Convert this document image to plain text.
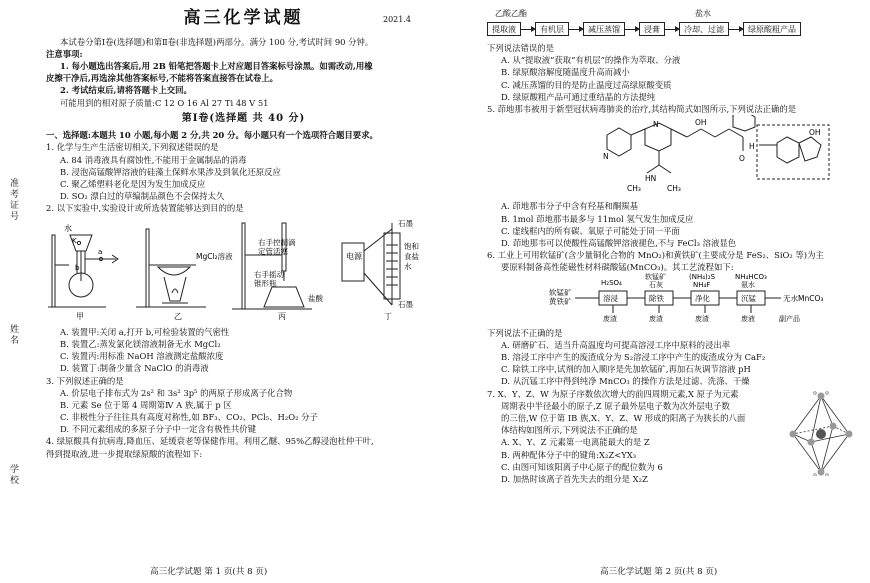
准考证号
姓名
学校
高三化学试题	2021.4

本试卷分第Ⅰ卷(选择题)和第Ⅱ卷(非选择题)两部分。满分 100 分,考试时间 90 分钟。

注意事项:

1. 每小题选出答案后,用 2B 铅笔把答题卡上对应题目答案标号涂黑。如需改动,用橡

皮擦干净后,再选涂其他答案标号,不能将答案直接答在试卷上。

2. 考试结束后,请将答题卡上交回。

可能用到的相对原子质量:C 12 O 16 Al 27 Ti 48 V 51

第Ⅰ卷(选择题 共 40 分)

一、选择题:本题共 10 小题,每小题 2 分,共 20 分。每小题只有一个选项符合题目要求。

1. 化学与生产生活密切相关,下列叙述错误的是

A. 84 消毒液具有腐蚀性,不能用于金属制品的消毒

B. 浸泡高锰酸钾溶液的硅藻土保鲜水果涉及到氧化还原反应

C. 聚乙烯塑料老化是因为发生加成反应

D. SO₂ 漂白过的草编制品颜色不会保持太久

2. 以下实验中,实验设计或所选装置能够达到目的的是

水
K
a
b
甲
MgCl₂溶液
乙
右手控制滴
定管活塞
右手摇动
锥形瓶
盐酸
丙
电源
石墨
饱和
食盐
水
石墨
丁

A. 装置甲:关闭 a,打开 b,可检验装置的气密性

B. 装置乙:蒸发氯化镁溶液制备无水 MgCl₂

C. 装置丙:用标准 NaOH 溶液测定盐酸浓度

D. 装置丁:制备少量含 NaClO 的消毒液

3. 下列叙述正确的是

A. 价层电子排布式为 2s² 和 3s² 3p⁵ 的两原子形成离子化合物

B. 元素 Se 位于第 4 周期第Ⅳ A 族,属于 p 区

C. 非极性分子往往具有高度对称性,如 BF₃、CO₂、PCl₅、H₂O₂ 分子

D. 不同元素组成的多原子分子中一定含有极性共价键

4. 绿原酸具有抗病毒,降血压、延缓衰老等保健作用。利用乙醚、95%乙醇浸泡杜仲干叶,

得到提取液,进一步提取绿原酸的流程如下:

高三化学试题 第 1 页(共 8 页)	高三化学试题 第 2 页(共 8 页)
乙酸乙酯	盐水
提取液	有机层	减压蒸馏	浸膏	冷却、过滤	绿原酸粗产品

下列说法错误的是

A. 从“提取液”获取“有机层”的操作为萃取、分液

B. 绿原酸溶解度随温度升高而减小

C. 减压蒸馏的目的是防止温度过高绿原酸变质

D. 绿原酸粗产品可通过重结晶的方法提纯

5. 茚地那韦被用于新型冠状病毒肺炎的治疗,其结构简式如图所示,下列说法正确的是

OH
OH
N
N
O
H
HN
CH₃	CH₃

A. 茚地那韦分子中含有羟基和酮羰基

B. 1mol 茚地那韦最多与 11mol 氢气发生加成反应

C. 虚线框内的所有碳、氧原子可能处于同一平面

D. 茚地那韦可以使酸性高锰酸钾溶液褪色,不与 FeCl₃ 溶液显色

6. 工业上可用软锰矿(含少量铜化合物的 MnO₂)和黄铁矿(主要成分是 FeS₂、SiO₂ 等)为主

要原料制备高性能磁性材料碳酸锰(MnCO₃)。其工艺流程如下:

软锰矿
黄铁矿
H₂SO₄
软锰矿
石灰
(NH₄)₂S
NH₄F
NH₄HCO₃
氨水
溶浸	除铁	净化	沉锰	无水MnCO₃
废渣	废渣	废渣	废液	副产品

下列说法不正确的是

A. 研磨矿石、适当升高温度均可提高溶浸工序中原料的浸出率

B. 溶浸工序中产生的废渣成分为 S₂溶浸工序中产生的废渣成分为 CaF₂

C. 除铁工序中,试剂的加入顺序是先加软锰矿,再加石灰调节溶液 pH

D. 从沉锰工序中得到纯净 MnCO₃ 的操作方法是过滤、洗涤、干燥

7. X、Y、Z、W 为原子序数依次增大的前四周期元素,X 原子为元素

周期表中半径最小的原子,Z 原子最外层电子数为次外层电子数

的三倍,W 位于第 IB 族,X、Y、Z、W 形成的阳离子为狭长的八面

体结构如图所示,下列说法不正确的是

A. X、Y、Z 元素第一电离能最大的是 Z

B. 两种配体分子中的键角:X₂Z<YX₃

C. 由图可知该阳离子中心原子的配位数为 6

D. 加热时该离子首先失去的组分是 X₂Z
